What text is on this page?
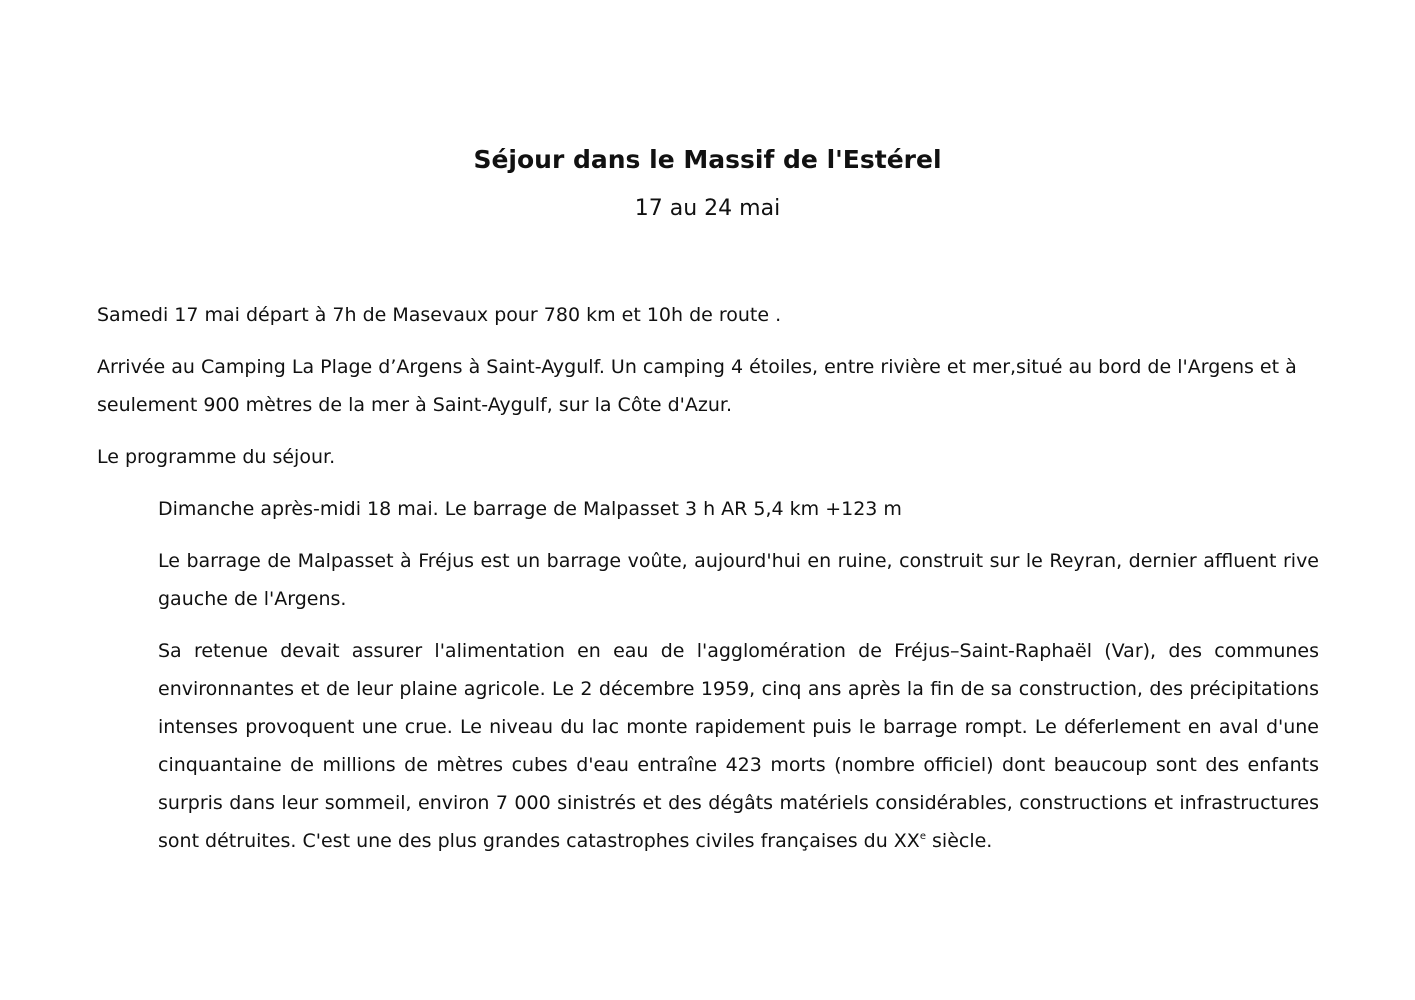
Séjour dans le Massif de l'Estérel
17 au 24 mai

Samedi 17 mai départ à 7h de Masevaux pour 780 km et 10h de route .

Arrivée au Camping La Plage d’Argens à Saint-Aygulf. Un camping 4 étoiles, entre rivière et mer,situé au bord de l'Argens et à seulement 900 mètres de la mer à Saint-Aygulf, sur la Côte d'Azur.

Le programme du séjour.

Dimanche après-midi 18 mai. Le barrage de Malpasset 3 h AR 5,4 km +123 m

Le barrage de Malpasset à Fréjus est un barrage voûte, aujourd'hui en ruine, construit sur le Reyran, dernier affluent rive gauche de l'Argens.

Sa retenue devait assurer l'alimentation en eau de l'agglomération de Fréjus–Saint-Raphaël (Var), des communes environnantes et de leur plaine agricole. Le 2 décembre 1959, cinq ans après la fin de sa construction, des précipitations intenses provoquent une crue. Le niveau du lac monte rapidement puis le barrage rompt. Le déferlement en aval d'une cinquantaine de millions de mètres cubes d'eau entraîne 423 morts (nombre officiel) dont beaucoup sont des enfants surpris dans leur sommeil, environ 7 000 sinistrés et des dégâts matériels considérables, constructions et infrastructures sont détruites. C'est une des plus grandes catastrophes civiles françaises du XXe siècle.
